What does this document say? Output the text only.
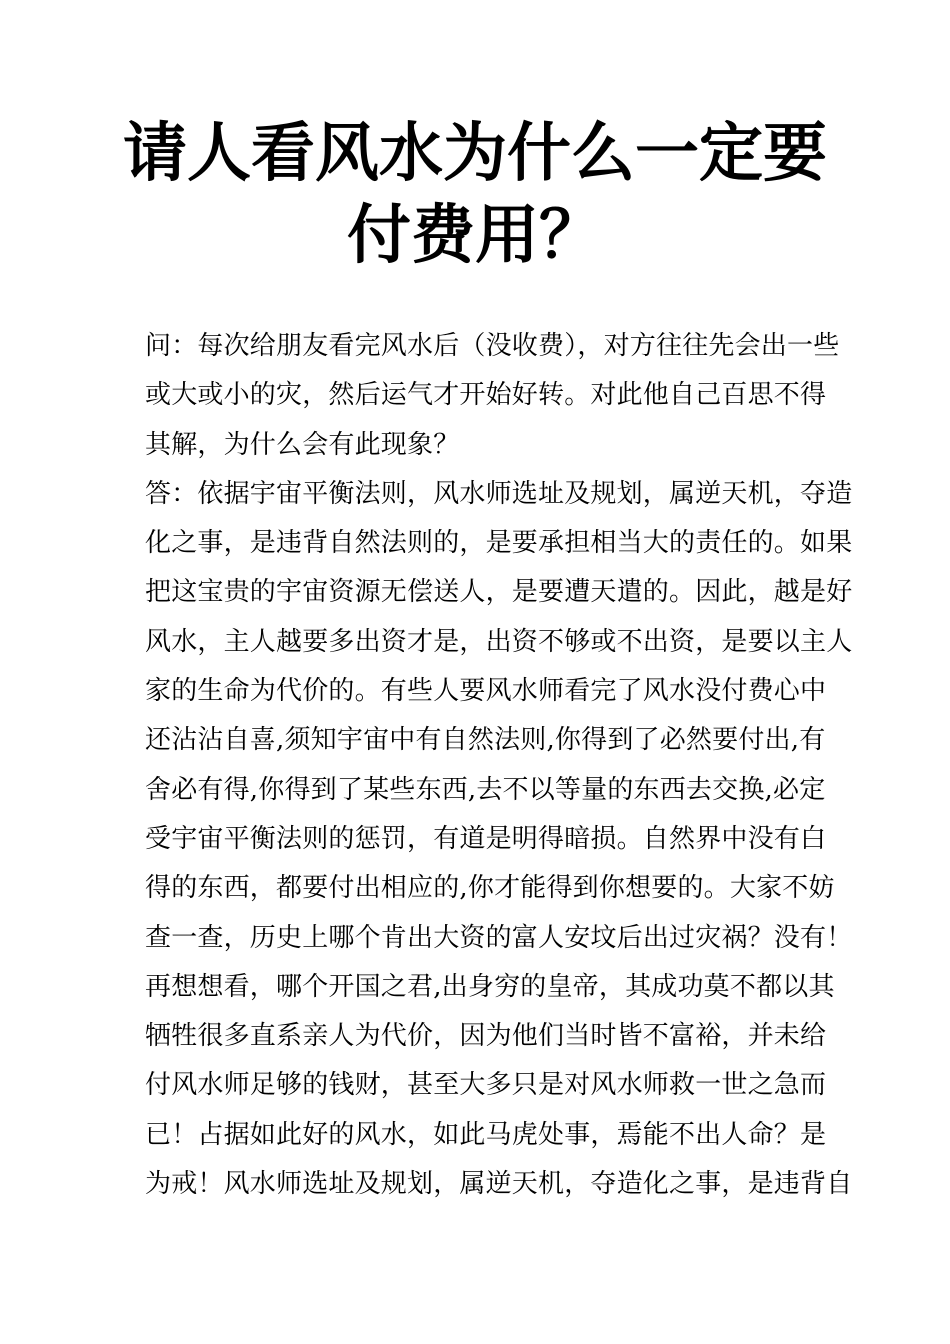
请人看风水为什么一定要
付费用？
问：每次给朋友看完风水后（没收费），对方往往先会出一些
或大或小的灾，然后运气才开始好转。对此他自己百思不得
其解，为什么会有此现象？
答：依据宇宙平衡法则，风水师选址及规划，属逆天机，夺造
化之事，是违背自然法则的，是要承担相当大的责任的。如果
把这宝贵的宇宙资源无偿送人，是要遭天遣的。因此，越是好
风水，主人越要多出资才是，出资不够或不出资，是要以主人
家的生命为代价的。有些人要风水师看完了风水没付费心中
还沾沾自喜,须知宇宙中有自然法则,你得到了必然要付出,有
舍必有得,你得到了某些东西,去不以等量的东西去交换,必定
受宇宙平衡法则的惩罚，有道是明得暗损。自然界中没有白
得的东西，都要付出相应的,你才能得到你想要的。大家不妨
查一查，历史上哪个肯出大资的富人安坟后出过灾祸？没有！
再想想看，哪个开国之君,出身穷的皇帝，其成功莫不都以其
牺牲很多直系亲人为代价，因为他们当时皆不富裕，并未给
付风水师足够的钱财，甚至大多只是对风水师救一世之急而
已！占据如此好的风水，如此马虎处事，焉能不出人命？是
为戒！风水师选址及规划，属逆天机，夺造化之事，是违背自
